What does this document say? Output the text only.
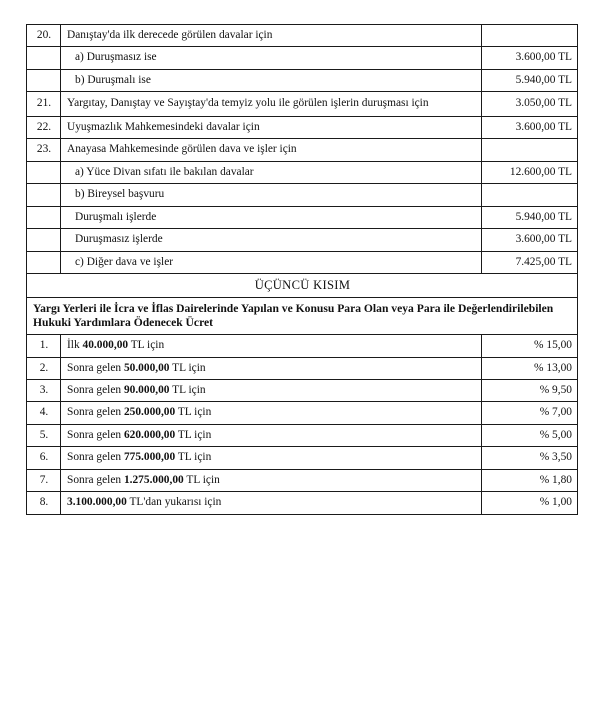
20.	Danıştay'da ilk derecede görülen davalar için	
	a) Duruşmasız ise	3.600,00 TL
	b) Duruşmalı ise	5.940,00 TL
21.	Yargıtay, Danıştay ve Sayıştay'da temyiz yolu ile görülen işlerin duruşması için	3.050,00 TL
22.	Uyuşmazlık Mahkemesindeki davalar için	3.600,00 TL
23.	Anayasa Mahkemesinde görülen dava ve işler için	
	a) Yüce Divan sıfatı ile bakılan davalar	12.600,00 TL
	b) Bireysel başvuru	
	Duruşmalı işlerde	5.940,00 TL
	Duruşmasız işlerde	3.600,00 TL
	c) Diğer dava ve işler	7.425,00 TL
ÜÇÜNCÜ KISIM		
Yargı Yerleri ile İcra ve İflas Dairelerinde Yapılan ve Konusu Para Olan veya Para ile Değerlendirilebilen Hukuki Yardımlara Ödenecek Ücret		
1.	İlk 40.000,00 TL için	% 15,00
2.	Sonra gelen 50.000,00 TL için	% 13,00
3.	Sonra gelen 90.000,00 TL için	% 9,50
4.	Sonra gelen 250.000,00 TL için	% 7,00
5.	Sonra gelen 620.000,00 TL için	% 5,00
6.	Sonra gelen 775.000,00 TL için	% 3,50
7.	Sonra gelen 1.275.000,00 TL için	% 1,80
8.	3.100.000,00 TL'dan yukarısı için	% 1,00
